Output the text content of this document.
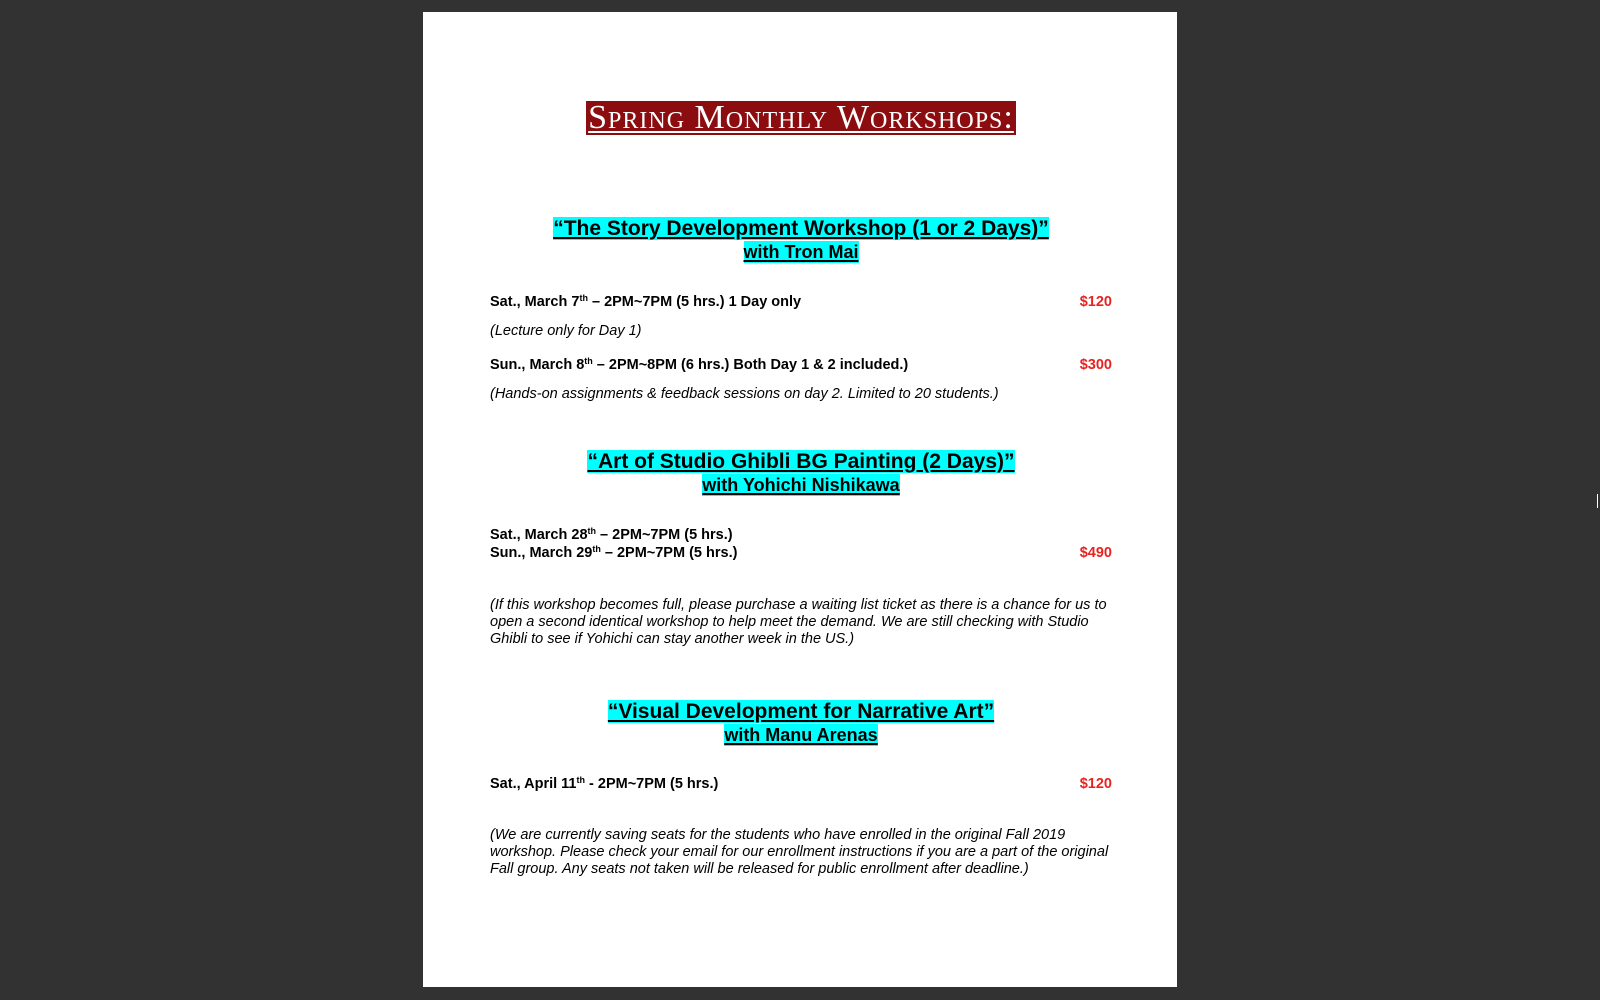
Spring Monthly Workshops:
“The Story Development Workshop (1 or 2 Days)”
with Tron Mai
Sat., March 7th – 2PM~7PM (5 hrs.) 1 Day only	$120
(Lecture only for Day 1)
Sun., March 8th – 2PM~8PM (6 hrs.) Both Day 1 & 2 included.)	$300
(Hands-on assignments & feedback sessions on day 2. Limited to 20 students.)
“Art of Studio Ghibli BG Painting (2 Days)”
with Yohichi Nishikawa
Sat., March 28th – 2PM~7PM (5 hrs.)
Sun., March 29th – 2PM~7PM (5 hrs.)	$490
(If this workshop becomes full, please purchase a waiting list ticket as there is a chance for us to open a second identical workshop to help meet the demand. We are still checking with Studio Ghibli to see if Yohichi can stay another week in the US.)
“Visual Development for Narrative Art”
with Manu Arenas
Sat., April 11th - 2PM~7PM (5 hrs.)	$120
(We are currently saving seats for the students who have enrolled in the original Fall 2019 workshop. Please check your email for our enrollment instructions if you are a part of the original Fall group. Any seats not taken will be released for public enrollment after deadline.)
